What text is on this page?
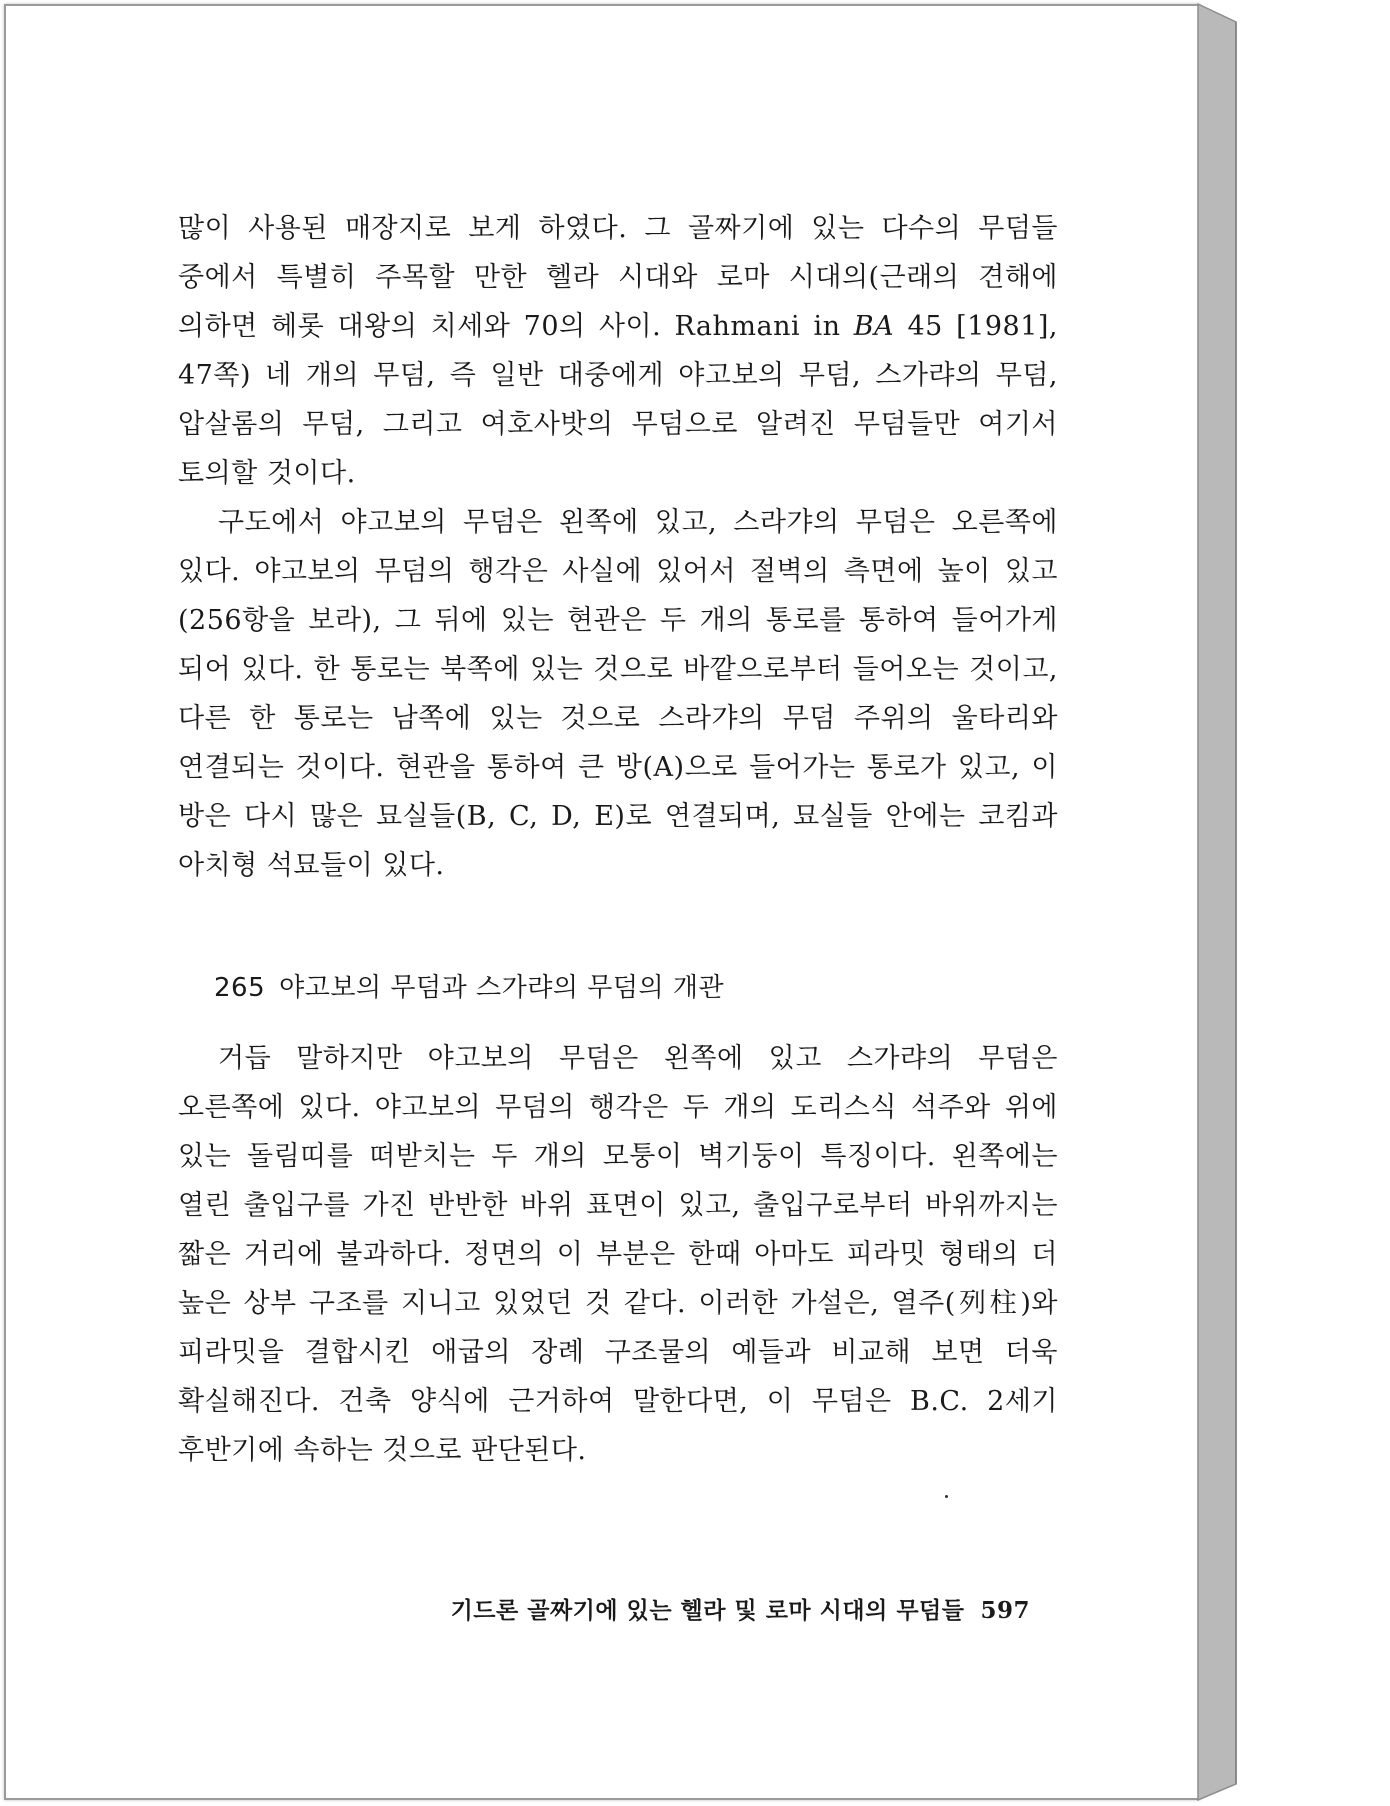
많이 사용된 매장지로 보게 하였다. 그 골짜기에 있는 다수의 무덤들 중에서 특별히 주목할 만한 헬라 시대와 로마 시대의(근래의 견해에 의하면 헤롯 대왕의 치세와 70의 사이. Rahmani in BA 45 [1981], 47쪽) 네 개의 무덤, 즉 일반 대중에게 야고보의 무덤, 스가랴의 무덤, 압살롬의 무덤, 그리고 여호사밧의 무덤으로 알려진 무덤들만 여기서 토의할 것이다.

구도에서 야고보의 무덤은 왼쪽에 있고, 스라갸의 무덤은 오른쪽에 있다. 야고보의 무덤의 행각은 사실에 있어서 절벽의 측면에 높이 있고(256항을 보라), 그 뒤에 있는 현관은 두 개의 통로를 통하여 들어가게 되어 있다. 한 통로는 북쪽에 있는 것으로 바깥으로부터 들어오는 것이고, 다른 한 통로는 남쪽에 있는 것으로 스라갸의 무덤 주위의 울타리와 연결되는 것이다. 현관을 통하여 큰 방(A)으로 들어가는 통로가 있고, 이 방은 다시 많은 묘실들(B, C, D, E)로 연결되며, 묘실들 안에는 코킴과 아치형 석묘들이 있다.

265 야고보의 무덤과 스가랴의 무덤의 개관

거듭 말하지만 야고보의 무덤은 왼쪽에 있고 스가랴의 무덤은 오른쪽에 있다. 야고보의 무덤의 행각은 두 개의 도리스식 석주와 위에 있는 돌림띠를 떠받치는 두 개의 모퉁이 벽기둥이 특징이다. 왼쪽에는 열린 출입구를 가진 반반한 바위 표면이 있고, 출입구로부터 바위까지는 짧은 거리에 불과하다. 정면의 이 부분은 한때 아마도 피라밋 형태의 더 높은 상부 구조를 지니고 있었던 것 같다. 이러한 가설은, 열주(列柱)와 피라밋을 결합시킨 애굽의 장례 구조물의 예들과 비교해 보면 더욱 확실해진다. 건축 양식에 근거하여 말한다면, 이 무덤은 B.C. 2세기 후반기에 속하는 것으로 판단된다.

기드론 골짜기에 있는 헬라 및 로마 시대의 무덤들 597
